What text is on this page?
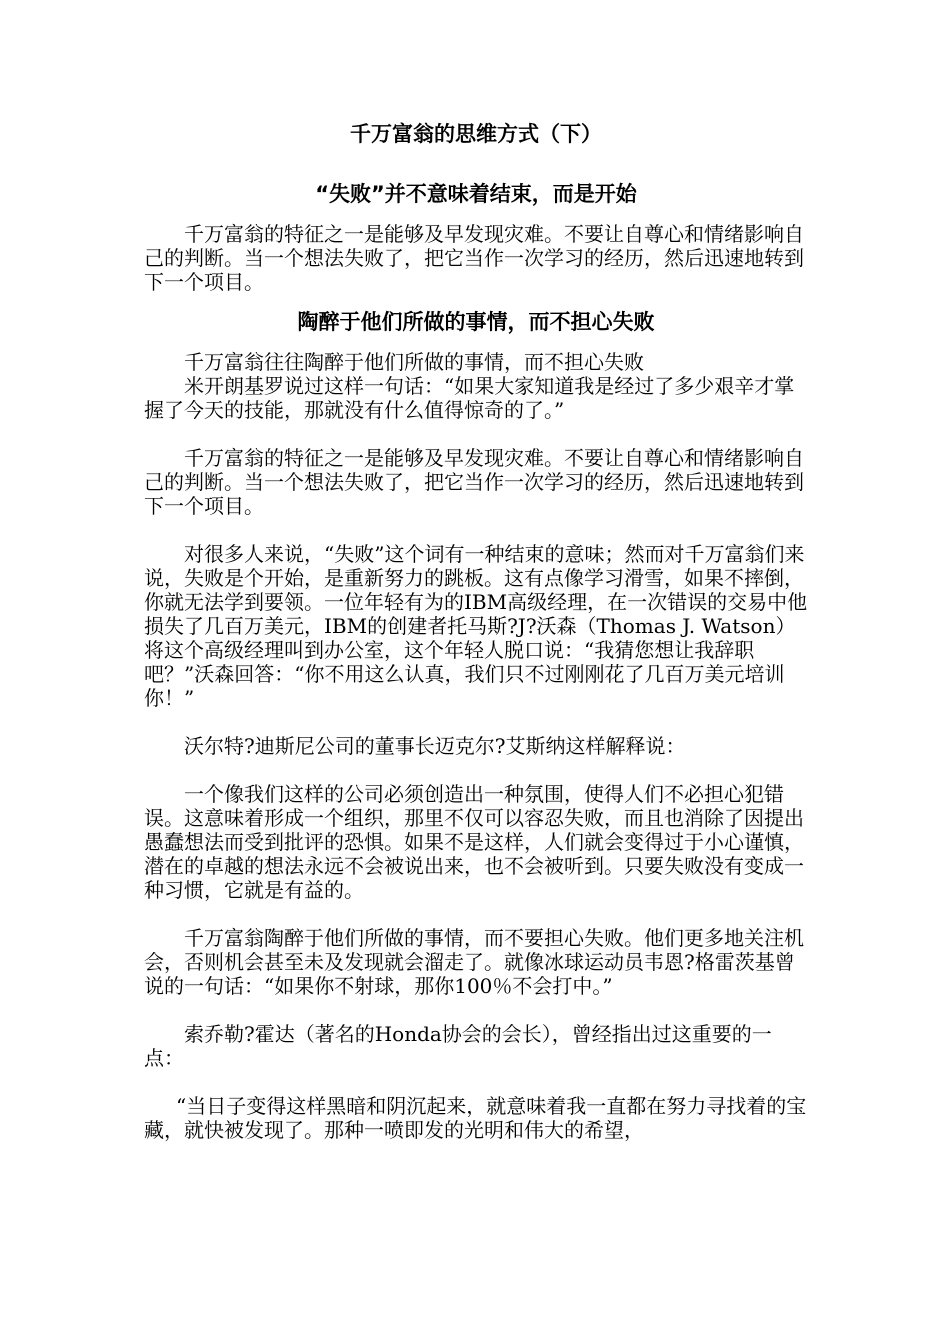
千万富翁的思维方式（下）
“失败”并不意味着结束，而是开始

千万富翁的特征之一是能够及早发现灾难。不要让自尊心和情绪影响自己的判断。当一个想法失败了，把它当作一次学习的经历，然后迅速地转到下一个项目。

陶醉于他们所做的事情，而不担心失败

千万富翁往往陶醉于他们所做的事情，而不担心失败

米开朗基罗说过这样一句话：“如果大家知道我是经过了多少艰辛才掌握了今天的技能，那就没有什么值得惊奇的了。”

千万富翁的特征之一是能够及早发现灾难。不要让自尊心和情绪影响自己的判断。当一个想法失败了，把它当作一次学习的经历，然后迅速地转到下一个项目。

对很多人来说，“失败”这个词有一种结束的意味；然而对千万富翁们来说，失败是个开始，是重新努力的跳板。这有点像学习滑雪，如果不摔倒，你就无法学到要领。一位年轻有为的IBM高级经理，在一次错误的交易中他损失了几百万美元，IBM的创建者托马斯?J?沃森（Thomas J. Watson）将这个高级经理叫到办公室，这个年轻人脱口说：“我猜您想让我辞职吧？”沃森回答：“你不用这么认真，我们只不过刚刚花了几百万美元培训你！”

沃尔特?迪斯尼公司的董事长迈克尔?艾斯纳这样解释说：

一个像我们这样的公司必须创造出一种氛围，使得人们不必担心犯错误。这意味着形成一个组织，那里不仅可以容忍失败，而且也消除了因提出愚蠢想法而受到批评的恐惧。如果不是这样，人们就会变得过于小心谨慎，潜在的卓越的想法永远不会被说出来，也不会被听到。只要失败没有变成一种习惯，它就是有益的。

千万富翁陶醉于他们所做的事情，而不要担心失败。他们更多地关注机会，否则机会甚至未及发现就会溜走了。就像冰球运动员韦恩?格雷茨基曾说的一句话：“如果你不射球，那你100％不会打中。”

索乔勒?霍达（著名的Honda协会的会长），曾经指出过这重要的一点：

“当日子变得这样黑暗和阴沉起来，就意味着我一直都在努力寻找着的宝藏，就快被发现了。那种一喷即发的光明和伟大的希望，
